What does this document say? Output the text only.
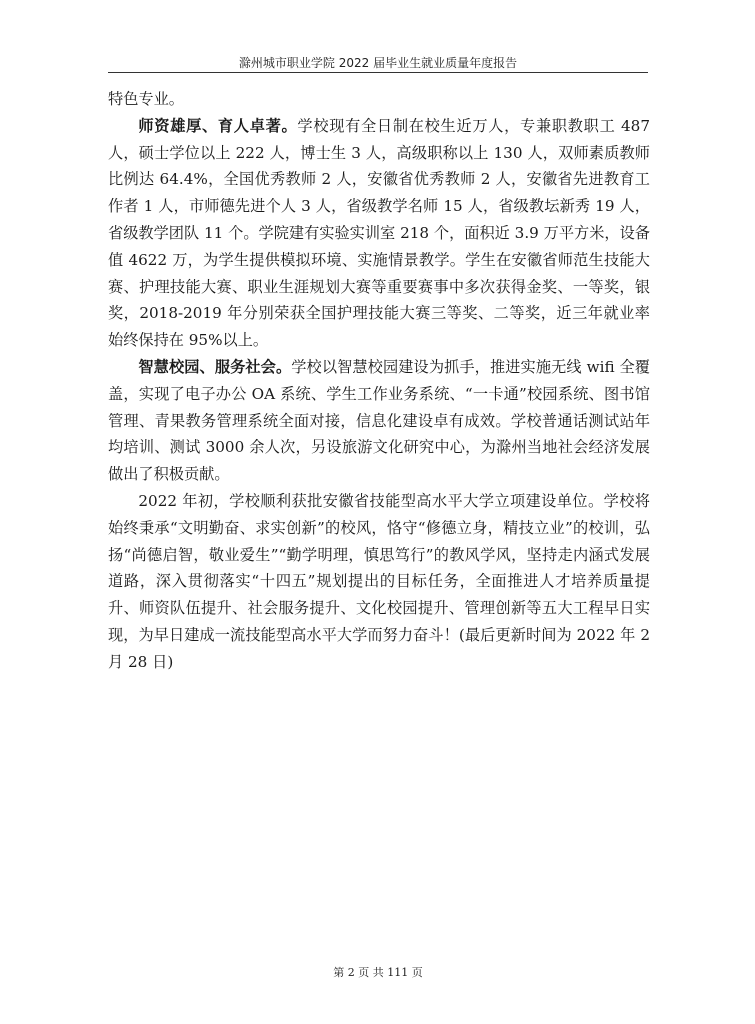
滁州城市职业学院 2022 届毕业生就业质量年度报告

特色专业。

师资雄厚、育人卓著。学校现有全日制在校生近万人，专兼职教职工 487 人，硕士学位以上 222 人，博士生 3 人，高级职称以上 130 人，双师素质教师比例达 64.4%，全国优秀教师 2 人，安徽省优秀教师 2 人，安徽省先进教育工作者 1 人，市师德先进个人 3 人，省级教学名师 15 人，省级教坛新秀 19 人，省级教学团队 11 个。学院建有实验实训室 218 个，面积近 3.9 万平方米，设备值 4622 万，为学生提供模拟环境、实施情景教学。学生在安徽省师范生技能大赛、护理技能大赛、职业生涯规划大赛等重要赛事中多次获得金奖、一等奖，银奖，2018-2019 年分别荣获全国护理技能大赛三等奖、二等奖，近三年就业率始终保持在 95%以上。

智慧校园、服务社会。学校以智慧校园建设为抓手，推进实施无线 wifi 全覆盖，实现了电子办公 OA 系统、学生工作业务系统、“一卡通”校园系统、图书馆管理、青果教务管理系统全面对接，信息化建设卓有成效。学校普通话测试站年均培训、测试 3000 余人次，另设旅游文化研究中心，为滁州当地社会经济发展做出了积极贡献。

2022 年初，学校顺利获批安徽省技能型高水平大学立项建设单位。学校将始终秉承“文明勤奋、求实创新”的校风，恪守“修德立身，精技立业”的校训，弘扬“尚德启智，敬业爱生”“勤学明理，慎思笃行”的教风学风，坚持走内涵式发展道路，深入贯彻落实“十四五”规划提出的目标任务，全面推进人才培养质量提升、师资队伍提升、社会服务提升、文化校园提升、管理创新等五大工程早日实现，为早日建成一流技能型高水平大学而努力奋斗！(最后更新时间为 2022 年 2 月 28 日)

第 2 页 共 111 页
